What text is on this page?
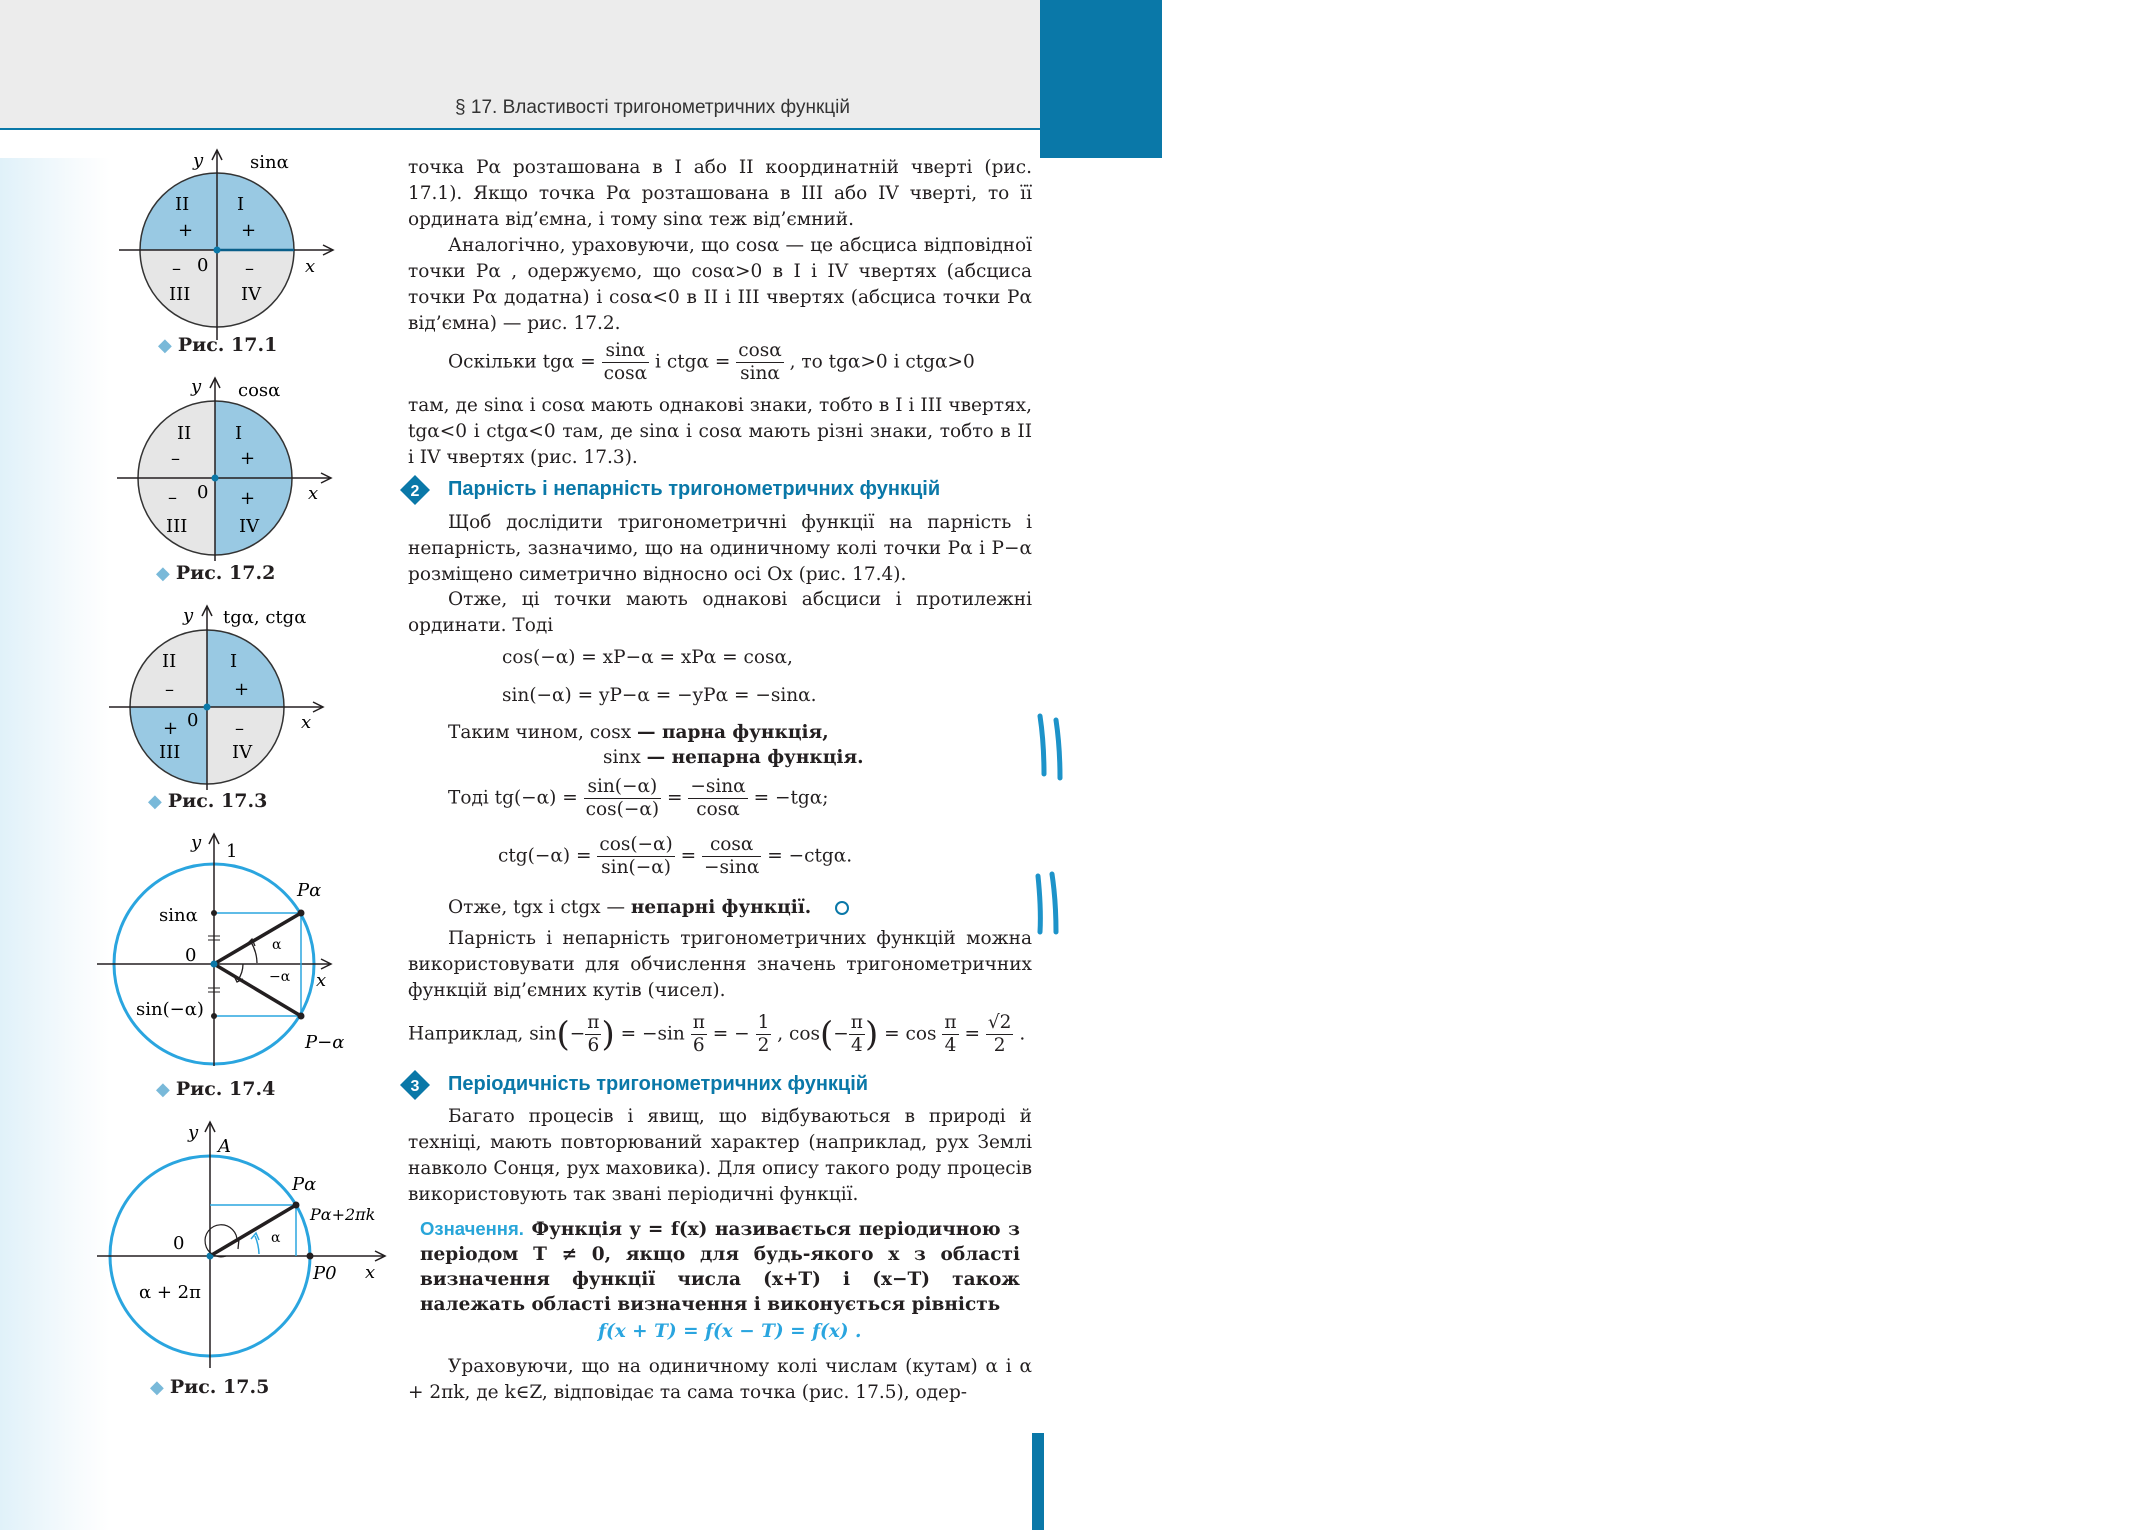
§ 17. Властивості тригонометричних функцій	107
y	sinα
x
0
II
+
I
+
–
III
–
IV
◆ Рис. 17.1
y cosα
x
0
II
–
I
+
–
III
+
IV
◆ Рис. 17.2
y tgα, ctgα
x
0
II
–
I
+
+
III
–
IV
◆ Рис. 17.3
y 1
x
0
sinα
sin(−α)
Pα
P−α
α
−α
◆ Рис. 17.4
y
A
x
0
Pα
Pα+2πk
P0
α
α + 2π
◆ Рис. 17.5
точка Pα розташована в I або II координатній чверті (рис. 17.1). Якщо точка Pα розташована в III або IV чверті, то її ордината від’ємна, і тому sinα теж від’ємний.
Аналогічно, ураховуючи, що cosα — це абсциса відповідної точки Pα , одержуємо, що cosα>0 в I і IV чвертях (абсциса точки Pα додатна) і cosα<0 в II і III чвертях (абсциса точки Pα від’ємна) — рис. 17.2.
Оскільки $tg\alpha = \frac{\sin\alpha}{\cos\alpha}$ і $ctg\alpha = \frac{\cos\alpha}{\sin\alpha}$ , то tgα>0 і ctgα>0
там, де sinα і cosα мають однакові знаки, тобто в I і III чвертях, tgα<0 і ctgα<0 там, де sinα і cosα мають різні знаки, тобто в II і IV чвертях (рис. 17.3).
2 Парність і непарність тригонометричних функцій
Щоб дослідити тригонометричні функції на парність і непарність, зазначимо, що на одиничному колі точки Pα і P−α розміщено симетрично відносно осі Ox (рис. 17.4).
Отже, ці точки мають однакові абсциси і протилежні ординати. Тоді
cos(−α) = xP−α = xPα = cosα,
sin(−α) = yP−α = −yPα = −sinα.
Таким чином, cosx — парна функція,
sinx — непарна функція.
Тоді $tg(-\alpha) = \frac{\sin(-\alpha)}{\cos(-\alpha)} = \frac{-\sin\alpha}{\cos\alpha} = -tg\alpha$;
$ctg(-\alpha) = \frac{\cos(-\alpha)}{\sin(-\alpha)} = \frac{\cos\alpha}{-\sin\alpha} = -ctg\alpha$.
Отже, tgx і ctgx — непарні функції.
Парність і непарність тригонометричних функцій можна використовувати для обчислення значень тригонометричних функцій від’ємних кутів (чисел).
Наприклад, $\sin(- \frac{\pi}{6}$ ) = $-\sin \frac{\pi}{6}$ = − $\frac{1}{2}$ , $\cos(- \frac{\pi}{4}$ ) = $\cos \frac{\pi}{4} = \frac{√2}{2}$ .
3 Періодичність тригонометричних функцій
Багато процесів і явищ, що відбуваються в природі й техніці, мають повторюваний характер (наприклад, рух Землі навколо Сонця, рух маховика). Для опису такого роду процесів використовують так звані періодичні функції.
Означення. Функція y = f(x) називається періодичною з періодом T ≠ 0, якщо для будь-якого x з області визначення функції числа (x+T) і (x−T) також належать області визначення і виконується рівність
f(x + T) = f(x − T) = f(x) .
Ураховуючи, що на одиничному колі числам (кутам) α і α + 2πk, де k∈Z, відповідає та сама точка (рис. 17.5), одер-
